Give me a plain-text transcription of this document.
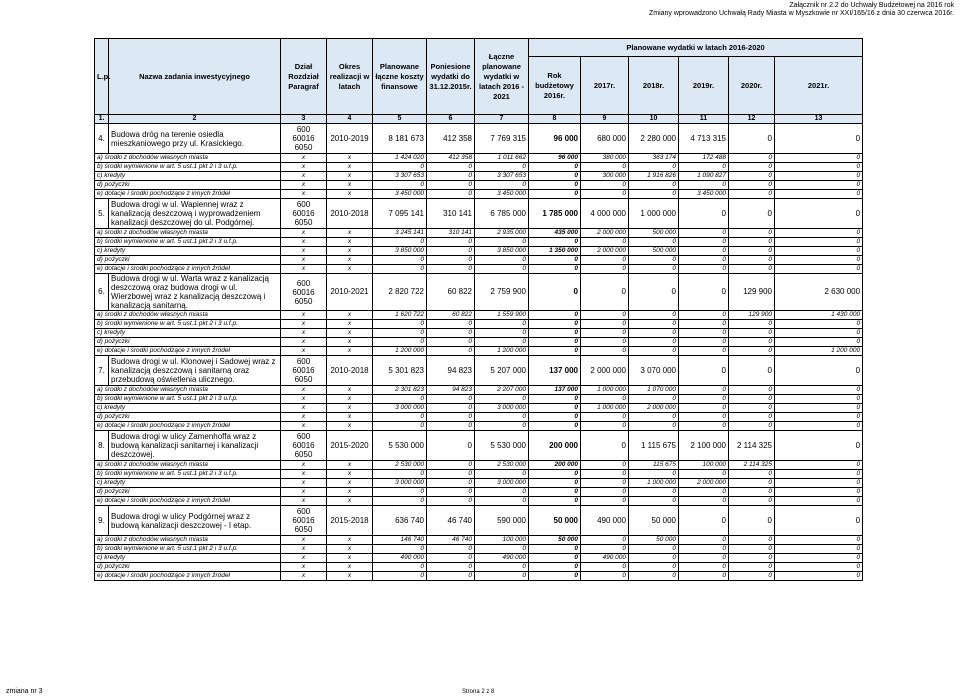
Załącznik nr 2.2 do Uchwały Budżetowej na 2016 rok
Zmiany wprowadzono Uchwałą Rady Miasta w Myszkowie nr XXI/165/16 z dnia 30 czerwca 2016r.
L.p.	Nazwa zadania inwestycyjnego	Dział Rozdział Paragraf	Okres realizacji w latach	Planowane łączne koszty finansowe	Poniesione wydatki do 31.12.2015r.	Łączne planowane wydatki w latach 2016 - 2021	Planowane wydatki w latach 2016-2020					
							Rok budżetowy 2016r.	2017r.	2018r.	2019r.	2020r.	2021r.
1.	2	3	4	5	6	7	8	9	10	11	12	13
4.	Budowa dróg na terenie osiedla mieszkaniowego przy ul. Krasickiego.	600
60016
6050	2010-2019	8 181 673	412 358	7 769 315	96 000	680 000	2 280 000	4 713 315	0	0
a) środki z dochodów własnych miasta		x	x	1 424 020	412 358	1 011 662	96 000	380 000	363 174	172 488	0	0
b) środki wymienione w art. 5 ust.1 pkt 2 i 3 u.f.p.		x	x	0	0	0	0	0	0	0	0	0
c) kredyty		x	x	3 307 653	0	3 307 653	0	300 000	1 916 826	1 090 827	0	0
d) pożyczki		x	x	0	0	0	0	0	0	0	0	0
e) dotacje i środki pochodzące z innych źródeł		x	x	3 450 000	0	3 450 000	0	0	0	3 450 000	0	0
5.	Budowa drogi w ul. Wapiennej wraz z kanalizacją deszczową i wyprowadzeniem kanalizacji deszczowej do ul. Podgórnej.	600
60016
6050	2010-2018	7 095 141	310 141	6 785 000	1 785 000	4 000 000	1 000 000	0	0	0
a) środki z dochodów własnych miasta		x	x	3 245 141	310 141	2 935 000	435 000	2 000 000	500 000	0	0	0
b) środki wymienione w art. 5 ust.1 pkt 2 i 3 u.f.p.		x	x	0	0	0	0	0	0	0	0	0
c) kredyty		x	x	3 850 000	0	3 850 000	1 350 000	2 000 000	500 000	0	0	0
d) pożyczki		x	x	0	0	0	0	0	0	0	0	0
e) dotacje i środki pochodzące z innych źródeł		x	x	0	0	0	0	0	0	0	0	0
6.	Budowa drogi w ul. Warta wraz z kanalizacją deszczową oraz budowa drogi w ul. Wierzbowej wraz z kanalizacją deszczową i kanalizacją sanitarną.	600
60016
6050	2010-2021	2 820 722	60 822	2 759 900	0	0	0	0	129 900	2 630 000
a) środki z dochodów własnych miasta		x	x	1 620 722	60 822	1 559 900	0	0	0	0	129 900	1 430 000
b) środki wymienione w art. 5 ust.1 pkt 2 i 3 u.f.p.		x	x	0	0	0	0	0	0	0	0	0
c) kredyty		x	x	0	0	0	0	0	0	0	0	0
d) pożyczki		x	x	0	0	0	0	0	0	0	0	0
e) dotacje i środki pochodzące z innych źródeł		x	x	1 200 000	0	1 200 000	0	0	0	0	0	1 200 000
7.	Budowa drogi w ul. Klonowej i Sadowej wraz z kanalizacją deszczową i sanitarną oraz przebudową oświetlenia ulicznego.	600
60016
6050	2010-2018	5 301 823	94 823	5 207 000	137 000	2 000 000	3 070 000	0	0	0
a) środki z dochodów własnych miasta		x	x	2 301 823	94 823	2 207 000	137 000	1 000 000	1 070 000	0	0	0
b) środki wymienione w art. 5 ust.1 pkt 2 i 3 u.f.p.		x	x	0	0	0	0	0	0	0	0	0
c) kredyty		x	x	3 000 000	0	3 000 000	0	1 000 000	2 000 000	0	0	0
d) pożyczki		x	x	0	0	0	0	0	0	0	0	0
e) dotacje i środki pochodzące z innych źródeł		x	x	0	0	0	0	0	0	0	0	0
8.	Budowa drogi w ulicy Zamenhoffa wraz z budową kanalizacji sanitarnej i kanalizacji deszczowej.	600
60016
6050	2015-2020	5 530 000	0	5 530 000	200 000	0	1 115 675	2 100 000	2 114 325	0
a) środki z dochodów własnych miasta		x	x	2 530 000	0	2 530 000	200 000	0	115 675	100 000	2 114 325	0
b) środki wymienione w art. 5 ust.1 pkt 2 i 3 u.f.p.		x	x	0	0	0	0	0	0	0	0	0
c) kredyty		x	x	3 000 000	0	3 000 000	0	0	1 000 000	2 000 000	0	0
d) pożyczki		x	x	0	0	0	0	0	0	0	0	0
e) dotacje i środki pochodzące z innych źródeł		x	x	0	0	0	0	0	0	0	0	0
9.	Budowa drogi w ulicy Podgórnej wraz z budową kanalizacji deszczowej - I etap.	600
60016
6050	2015-2018	636 740	46 740	590 000	50 000	490 000	50 000	0	0	0
a) środki z dochodów własnych miasta		x	x	146 740	46 740	100 000	50 000	0	50 000	0	0	0
b) środki wymienione w art. 5 ust.1 pkt 2 i 3 u.f.p.		x	x	0	0	0	0	0	0	0	0	0
c) kredyty		x	x	490 000	0	490 000	0	490 000	0	0	0	0
d) pożyczki		x	x	0	0	0	0	0	0	0	0	0
e) dotacje i środki pochodzące z innych źródeł		x	x	0	0	0	0	0	0	0	0	0
zmiana nr 3	Strona 2 z 8
